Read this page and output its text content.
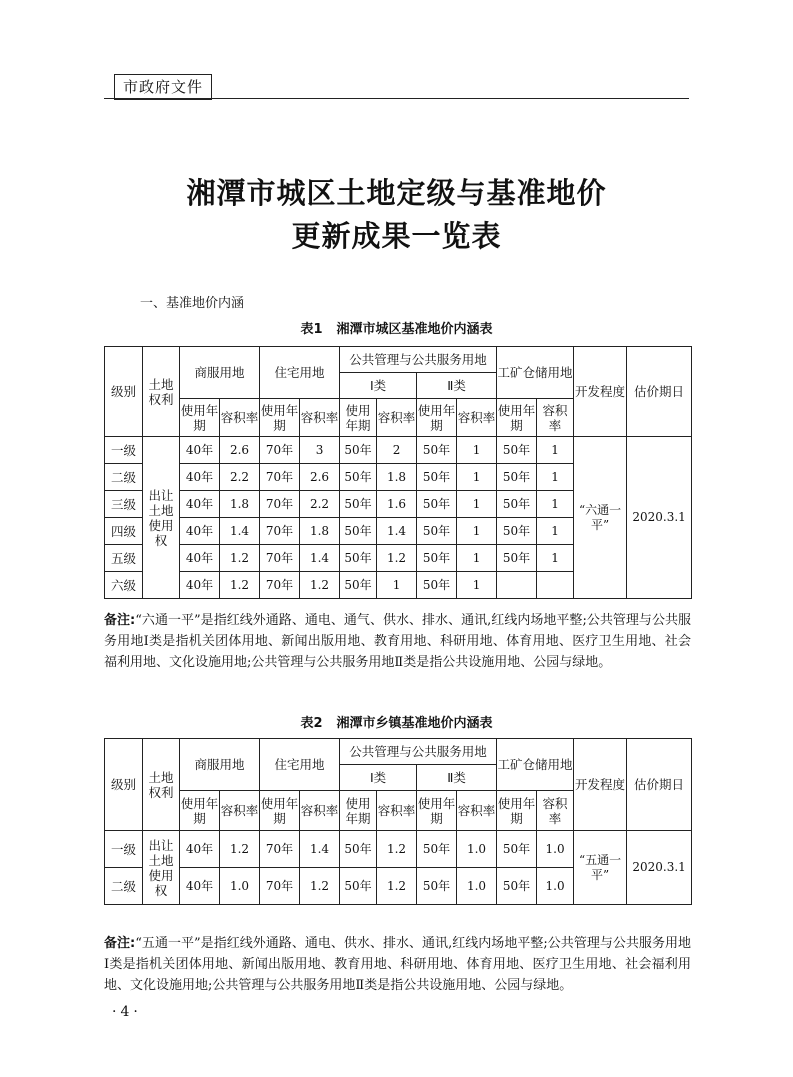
市政府文件
湘潭市城区土地定级与基准地价
更新成果一览表
一、基准地价内涵
表1 湘潭市城区基准地价内涵表
级别	土地权利	商服用地		住宅用地		公共管理与公共服务用地				工矿仓储用地		开发程度	估价期日
						Ⅰ类		Ⅱ类					
		使用年期	容积率	使用年期	容积率	使用年期	容积率	使用年期	容积率	使用年期	容积率		
一级	出让土地使用权	40年	2.6	70年	3	50年	2	50年	1	50年	1	“六通一平”	2020.3.1
二级		40年	2.2	70年	2.6	50年	1.8	50年	1	50年	1		
三级		40年	1.8	70年	2.2	50年	1.6	50年	1	50年	1		
四级		40年	1.4	70年	1.8	50年	1.4	50年	1	50年	1		
五级		40年	1.2	70年	1.4	50年	1.2	50年	1	50年	1		
六级		40年	1.2	70年	1.2	50年	1	50年	1				
备注:“六通一平”是指红线外通路、通电、通气、供水、排水、通讯,红线内场地平整;公共管理与公共服务用地Ⅰ类是指机关团体用地、新闻出版用地、教育用地、科研用地、体育用地、医疗卫生用地、社会福利用地、文化设施用地;公共管理与公共服务用地Ⅱ类是指公共设施用地、公园与绿地。
表2 湘潭市乡镇基准地价内涵表
级别	土地权利	商服用地		住宅用地		公共管理与公共服务用地				工矿仓储用地		开发程度	估价期日
						Ⅰ类		Ⅱ类					
		使用年期	容积率	使用年期	容积率	使用年期	容积率	使用年期	容积率	使用年期	容积率		
一级	出让土地使用权	40年	1.2	70年	1.4	50年	1.2	50年	1.0	50年	1.0	“五通一平”	2020.3.1
二级		40年	1.0	70年	1.2	50年	1.2	50年	1.0	50年	1.0		
备注:“五通一平”是指红线外通路、通电、供水、排水、通讯,红线内场地平整;公共管理与公共服务用地Ⅰ类是指机关团体用地、新闻出版用地、教育用地、科研用地、体育用地、医疗卫生用地、社会福利用地、文化设施用地;公共管理与公共服务用地Ⅱ类是指公共设施用地、公园与绿地。
·4·
